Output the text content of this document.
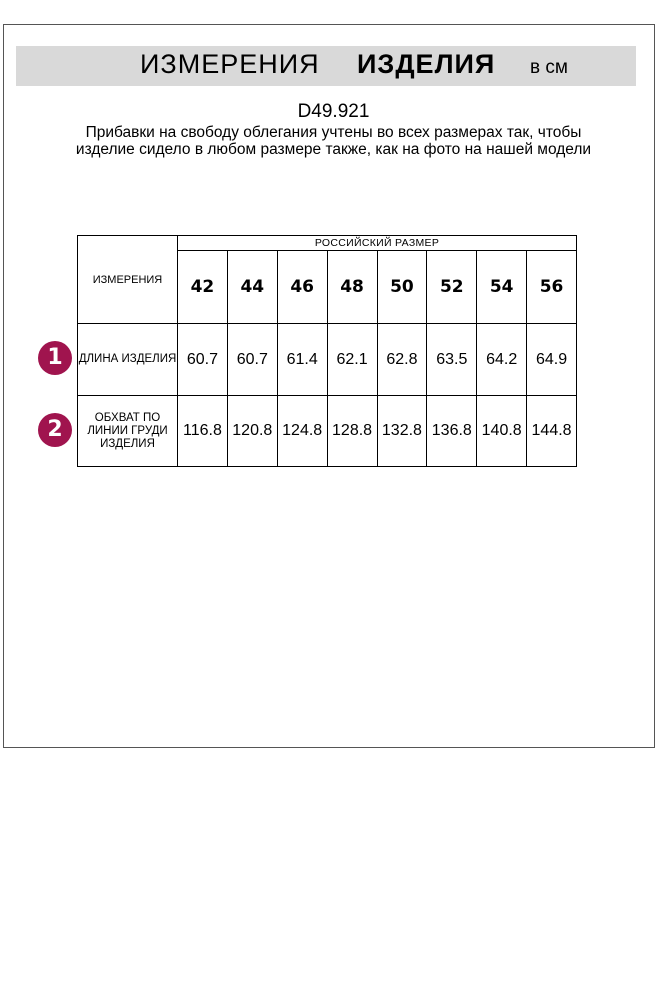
ИЗМЕРЕНИЯ ИЗДЕЛИЯ в см
D49.921
Прибавки на свободу облегания учтены во всех размерах так, чтобы изделие сидело в любом размере также, как на фото на нашей модели
ИЗМЕРЕНИЯ	РОССИЙСКИЙ РАЗМЕР							
	42	44	46	48	50	52	54	56
ДЛИНА ИЗДЕЛИЯ	60.7	60.7	61.4	62.1	62.8	63.5	64.2	64.9
ОБХВАТ ПО ЛИНИИ ГРУДИ ИЗДЕЛИЯ	116.8	120.8	124.8	128.8	132.8	136.8	140.8	144.8
1
2
